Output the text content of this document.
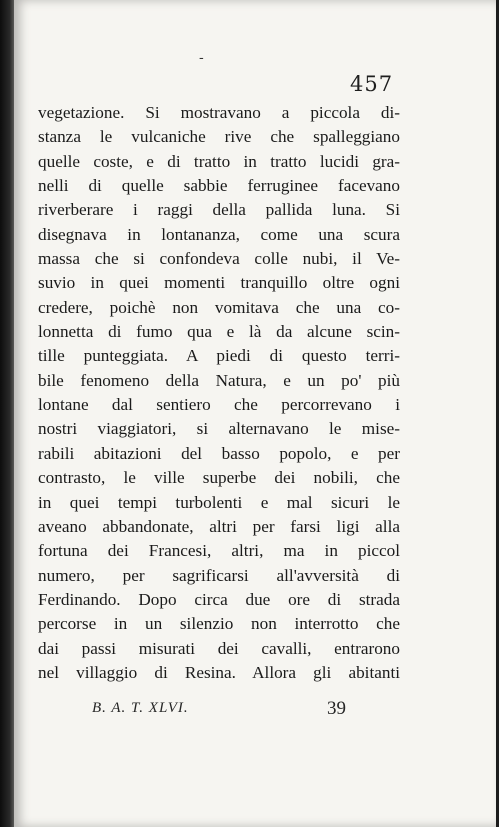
-
457
vegetazione. Si mostravano a piccola di-
stanza le vulcaniche rive che spalleggiano
quelle coste, e di tratto in tratto lucidi gra-
nelli di quelle sabbie ferruginee facevano
riverberare i raggi della pallida luna. Si
disegnava in lontananza, come una scura
massa che si confondeva colle nubi, il Ve-
suvio in quei momenti tranquillo oltre ogni
credere, poichè non vomitava che una co-
lonnetta di fumo qua e là da alcune scin-
tille punteggiata. A piedi di questo terri-
bile fenomeno della Natura, e un po' più
lontane dal sentiero che percorrevano i
nostri viaggiatori, si alternavano le mise-
rabili abitazioni del basso popolo, e per
contrasto, le ville superbe dei nobili, che
in quei tempi turbolenti e mal sicuri le
aveano abbandonate, altri per farsi ligi alla
fortuna dei Francesi, altri, ma in piccol
numero, per sagrificarsi all'avversità di
Ferdinando. Dopo circa due ore di strada
percorse in un silenzio non interrotto che
dai passi misurati dei cavalli, entrarono
nel villaggio di Resina. Allora gli abitanti
B. A. T. XLVI.	39
